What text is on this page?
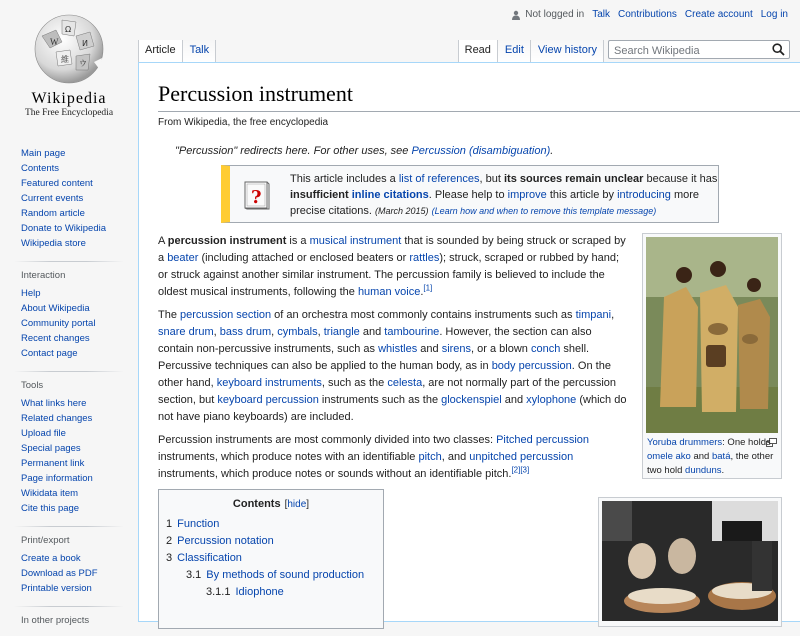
W
Ω
И
維 ウ
Wikipedia
The Free Encyclopedia
Not logged in Talk Contributions Create account Log in
Article	Talk	Read	Edit	View history
Search Wikipedia
Main page
Contents
Featured content
Current events
Random article
Donate to Wikipedia
Wikipedia store
Interaction
Help
About Wikipedia
Community portal
Recent changes
Contact page
Tools
What links here
Related changes
Upload file
Special pages
Permanent link
Page information
Wikidata item
Cite this page
Print/export
Create a book
Download as PDF
Printable version
In other projects
Percussion instrument
From Wikipedia, the free encyclopedia
"Percussion" redirects here. For other uses, see Percussion (disambiguation).
?
This article includes a list of references, but its sources remain unclear because it has insufficient inline citations. Please help to improve this article by introducing more precise citations. (March 2015) (Learn how and when to remove this template message)
A percussion instrument is a musical instrument that is sounded by being struck or scraped by a beater (including attached or enclosed beaters or rattles); struck, scraped or rubbed by hand; or struck against another similar instrument. The percussion family is believed to include the oldest musical instruments, following the human voice.[1]
The percussion section of an orchestra most commonly contains instruments such as timpani, snare drum, bass drum, cymbals, triangle and tambourine. However, the section can also contain non-percussive instruments, such as whistles and sirens, or a blown conch shell. Percussive techniques can also be applied to the human body, as in body percussion. On the other hand, keyboard instruments, such as the celesta, are not normally part of the percussion section, but keyboard percussion instruments such as the glockenspiel and xylophone (which do not have piano keyboards) are included.
Percussion instruments are most commonly divided into two classes: Pitched percussion instruments, which produce notes with an identifiable pitch, and unpitched percussion instruments, which produce notes or sounds without an identifiable pitch.[2][3]
Yoruba drummers: One holds omele ako and batá, the other two hold dunduns.
Contents [hide]
1 Function
2 Percussion notation
3 Classification
3.1 By methods of sound production
3.1.1 Idiophone
